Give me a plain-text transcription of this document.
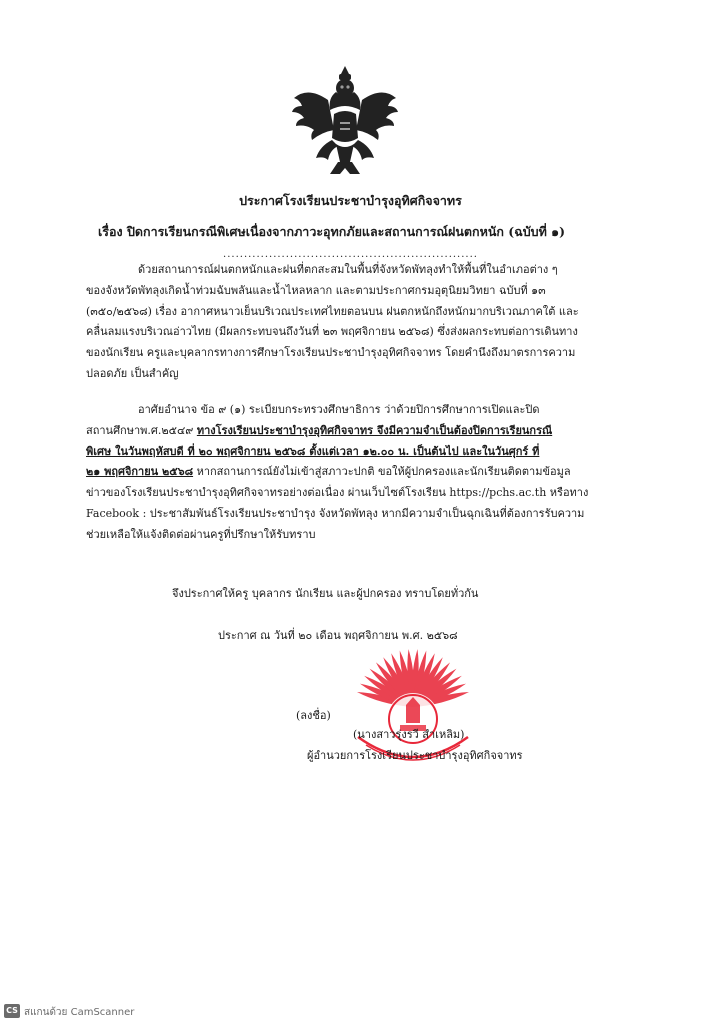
ประกาศโรงเรียนประชาบำรุงอุทิศกิจจาทร
เรื่อง ปิดการเรียนกรณีพิเศษเนื่องจากภาวะอุทกภัยและสถานการณ์ฝนตกหนัก (ฉบับที่ ๑)
.............................................................
ด้วยสถานการณ์ฝนตกหนักและฝนที่ตกสะสมในพื้นที่จังหวัดพัทลุงทำให้พื้นที่ในอำเภอต่าง ๆ
ของจังหวัดพัทลุงเกิดน้ำท่วมฉับพลันและน้ำไหลหลาก และตามประกาศกรมอุตุนิยมวิทยา ฉบับที่ ๑๓
(๓๕๐/๒๕๖๘) เรื่อง อากาศหนาวเย็นบริเวณประเทศไทยตอนบน ฝนตกหนักถึงหนักมากบริเวณภาคใต้ และ
คลื่นลมแรงบริเวณอ่าวไทย (มีผลกระทบจนถึงวันที่ ๒๓ พฤศจิกายน ๒๕๖๘) ซึ่งส่งผลกระทบต่อการเดินทาง
ของนักเรียน ครูและบุคลากรทางการศึกษาโรงเรียนประชาบำรุงอุทิศกิจจาทร โดยคำนึงถึงมาตรการความ
ปลอดภัย เป็นสำคัญ
อาศัยอำนาจ ข้อ ๙ (๑) ระเบียบกระทรวงศึกษาธิการ ว่าด้วยปิการศึกษาการเปิดและปิด
สถานศึกษาพ.ศ.๒๕๔๙ ทางโรงเรียนประชาบำรุงอุทิศกิจจาทร จึงมีความจำเป็นต้องปิดการเรียนกรณี
พิเศษ ในวันพฤหัสบดี ที่ ๒๐ พฤศจิกายน ๒๕๖๘ ตั้งแต่เวลา ๑๒.๐๐ น. เป็นต้นไป และในวันศุกร์ ที่
๒๑ พฤศจิกายน ๒๕๖๘ หากสถานการณ์ยังไม่เข้าสู่สภาวะปกติ ขอให้ผู้ปกครองและนักเรียนติดตามข้อมูล
ข่าวของโรงเรียนประชาบำรุงอุทิศกิจจาทรอย่างต่อเนื่อง ผ่านเว็บไซต์โรงเรียน https://pchs.ac.th หรือทาง
Facebook : ประชาสัมพันธ์โรงเรียนประชาบำรุง จังหวัดพัทลุง หากมีความจำเป็นฉุกเฉินที่ต้องการรับความ
ช่วยเหลือให้แจ้งติดต่อผ่านครูที่ปรึกษาให้รับทราบ
จึงประกาศให้ครู บุคลากร นักเรียน และผู้ปกครอง ทราบโดยทั่วกัน
ประกาศ ณ วันที่ ๒๐ เดือน พฤศจิกายน พ.ศ. ๒๕๖๘
(ลงชื่อ)
(นางสาวรุ่งรวี สำเหลิม)
ผู้อำนวยการโรงเรียนประชาบำรุงอุทิศกิจจาทร
CS สแกนด้วย CamScanner
